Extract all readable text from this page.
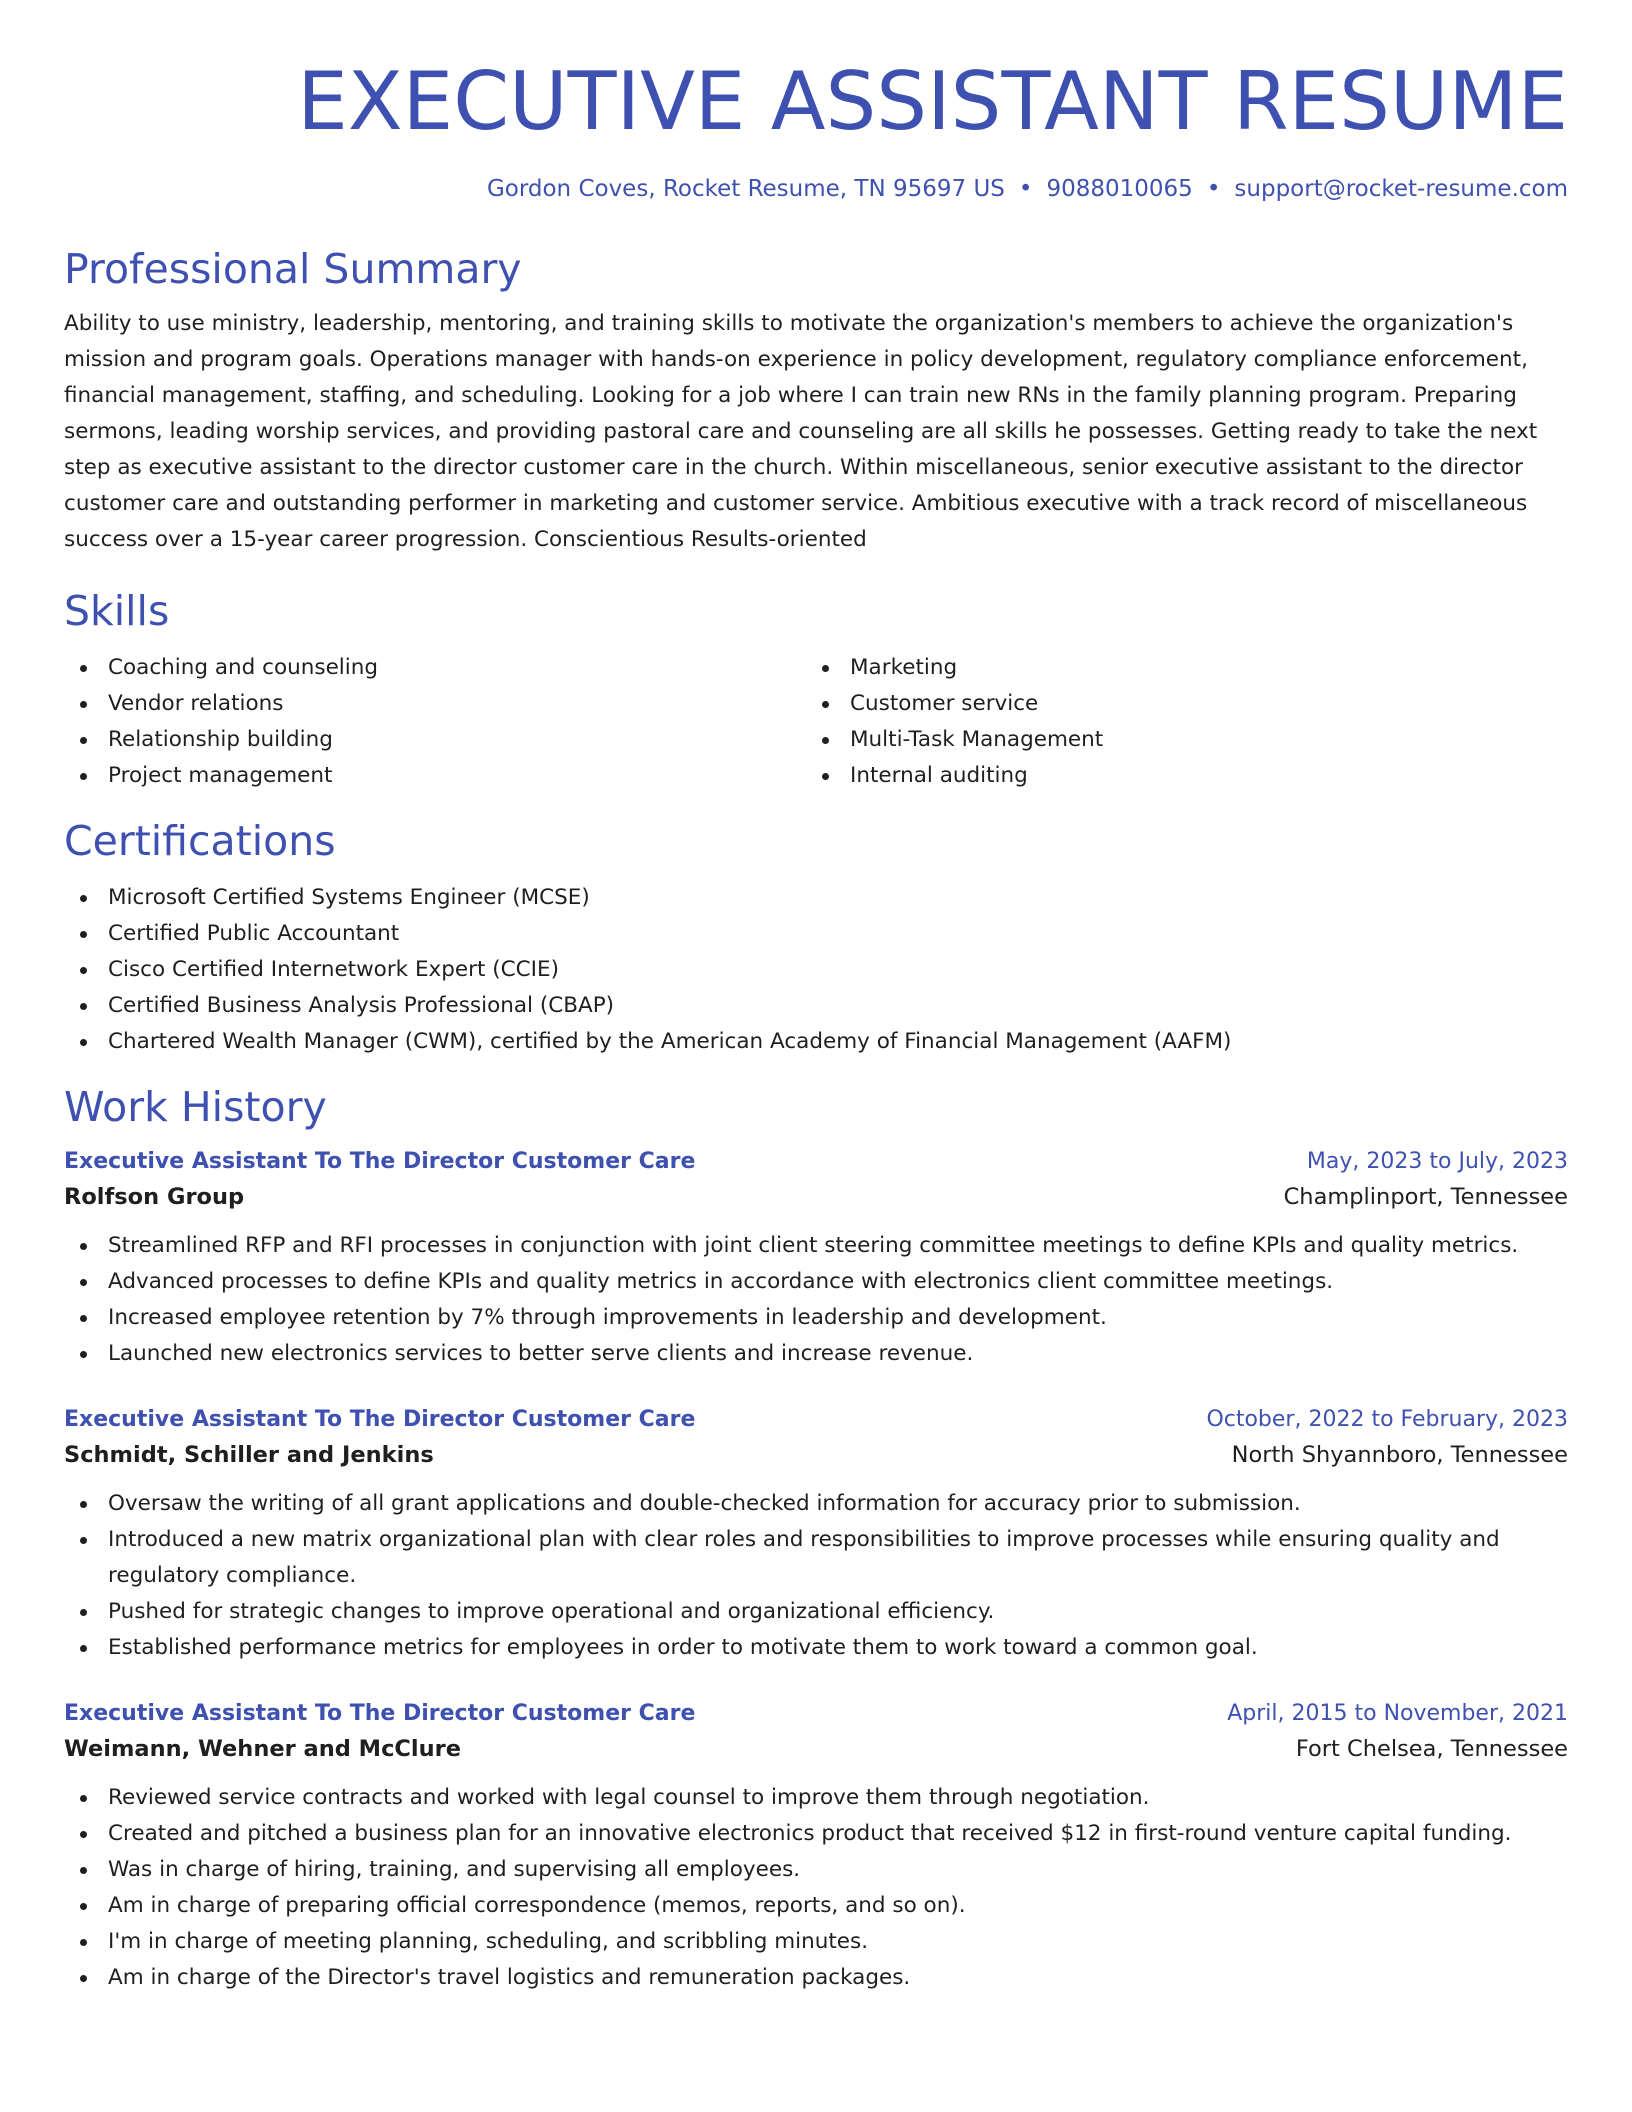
EXECUTIVE ASSISTANT RESUME
Gordon Coves, Rocket Resume, TN 95697 US • 9088010065 • support@rocket-resume.com
Professional Summary

Ability to use ministry, leadership, mentoring, and training skills to motivate the organization's members to achieve the organization's mission and program goals. Operations manager with hands-on experience in policy development, regulatory compliance enforcement, financial management, staffing, and scheduling. Looking for a job where I can train new RNs in the family planning program. Preparing sermons, leading worship services, and providing pastoral care and counseling are all skills he possesses. Getting ready to take the next step as executive assistant to the director customer care in the church. Within miscellaneous, senior executive assistant to the director customer care and outstanding performer in marketing and customer service. Ambitious executive with a track record of miscellaneous success over a 15-year career progression. Conscientious Results-oriented

Skills
Coaching and counseling
Vendor relations
Relationship building
Project management
Marketing
Customer service
Multi-Task Management
Internal auditing
Certifications
Microsoft Certified Systems Engineer (MCSE)
Certified Public Accountant
Cisco Certified Internetwork Expert (CCIE)
Certified Business Analysis Professional (CBAP)
Chartered Wealth Manager (CWM), certified by the American Academy of Financial Management (AAFM)
Work History
Executive Assistant To The Director Customer Care	May, 2023 to July, 2023
Rolfson Group	Champlinport, Tennessee
Streamlined RFP and RFI processes in conjunction with joint client steering committee meetings to define KPIs and quality metrics.
Advanced processes to define KPIs and quality metrics in accordance with electronics client committee meetings.
Increased employee retention by 7% through improvements in leadership and development.
Launched new electronics services to better serve clients and increase revenue.
Executive Assistant To The Director Customer Care	October, 2022 to February, 2023
Schmidt, Schiller and Jenkins	North Shyannboro, Tennessee
Oversaw the writing of all grant applications and double-checked information for accuracy prior to submission.
Introduced a new matrix organizational plan with clear roles and responsibilities to improve processes while ensuring quality and regulatory compliance.
Pushed for strategic changes to improve operational and organizational efficiency.
Established performance metrics for employees in order to motivate them to work toward a common goal.
Executive Assistant To The Director Customer Care	April, 2015 to November, 2021
Weimann, Wehner and McClure	Fort Chelsea, Tennessee
Reviewed service contracts and worked with legal counsel to improve them through negotiation.
Created and pitched a business plan for an innovative electronics product that received $12 in first-round venture capital funding.
Was in charge of hiring, training, and supervising all employees.
Am in charge of preparing official correspondence (memos, reports, and so on).
I'm in charge of meeting planning, scheduling, and scribbling minutes.
Am in charge of the Director's travel logistics and remuneration packages.
